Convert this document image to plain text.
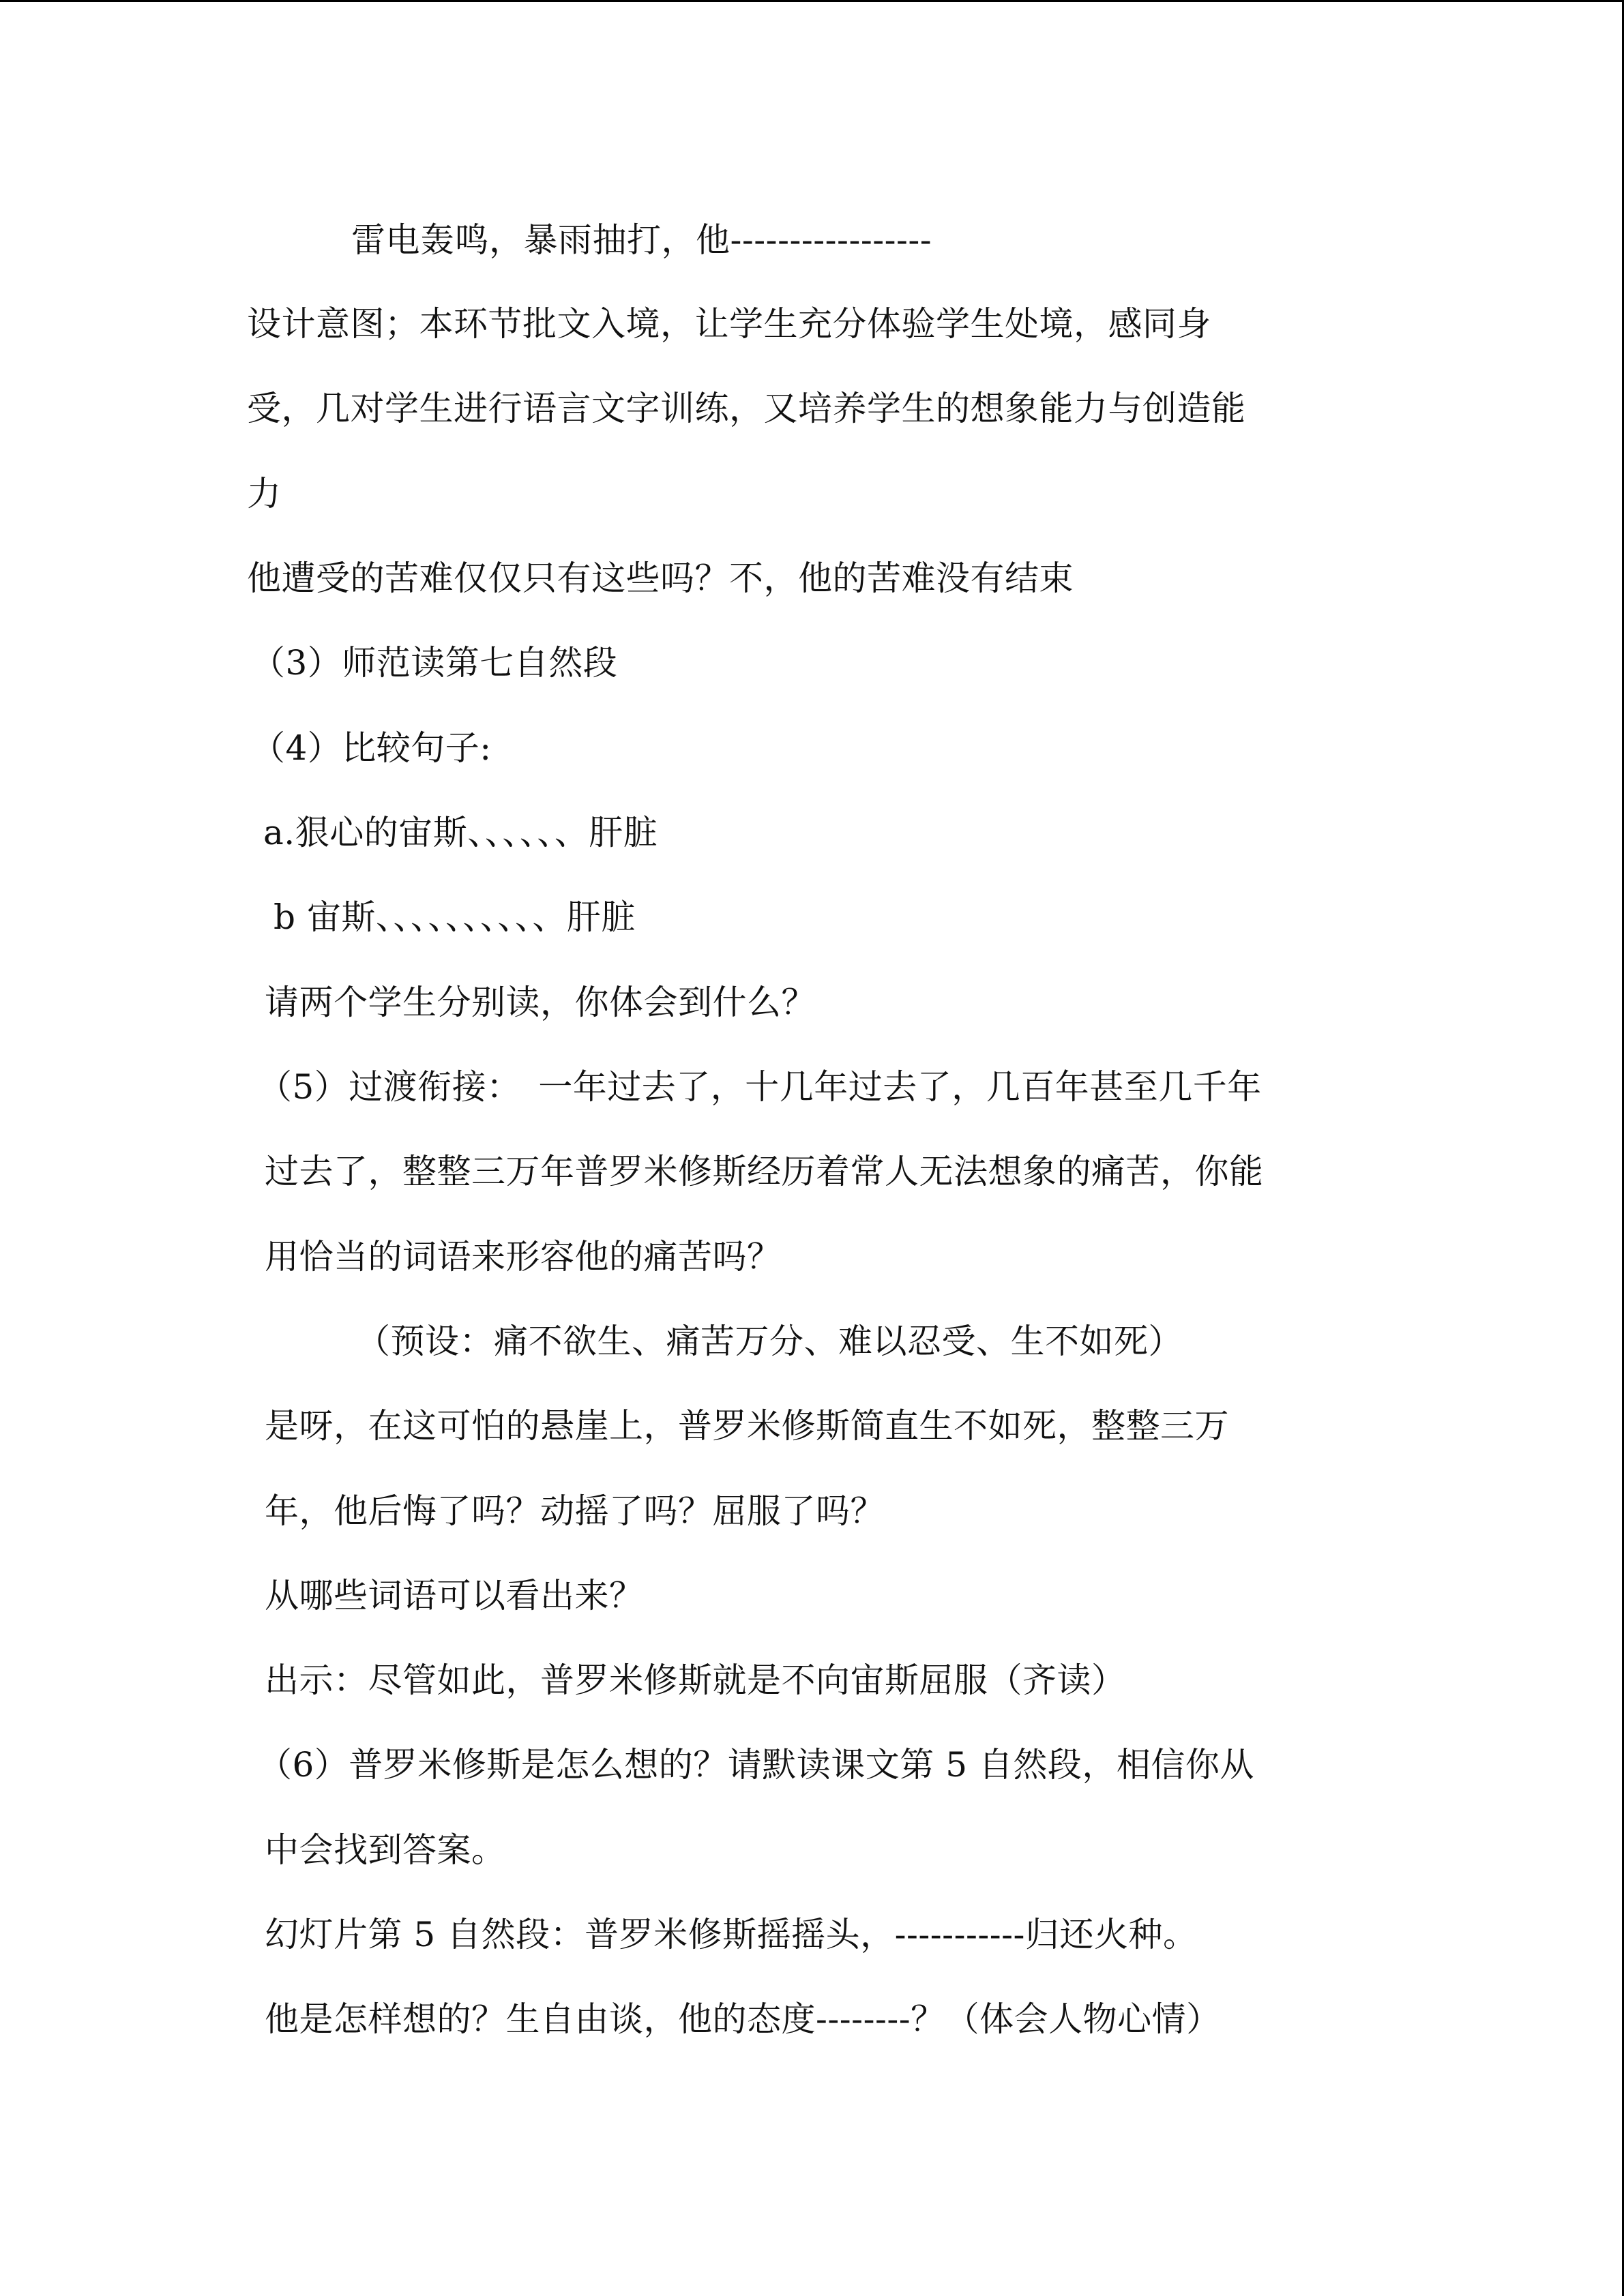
雷电轰鸣，暴雨抽打，他-----------------
设计意图；本环节批文入境，让学生充分体验学生处境，感同身
受，几对学生进行语言文字训练，又培养学生的想象能力与创造能
力
他遭受的苦难仅仅只有这些吗？不，他的苦难没有结束
（3）师范读第七自然段
（4）比较句子:
a.狠心的宙斯、、、、、、肝脏
b 宙斯、、、、、、、、、、肝脏
请两个学生分别读，你体会到什么？
（5）过渡衔接：　一年过去了，十几年过去了，几百年甚至几千年
过去了，整整三万年普罗米修斯经历着常人无法想象的痛苦，你能
用恰当的词语来形容他的痛苦吗？
（预设：痛不欲生、痛苦万分、难以忍受、生不如死）
是呀，在这可怕的悬崖上，普罗米修斯简直生不如死，整整三万
年，他后悔了吗？动摇了吗？屈服了吗？
从哪些词语可以看出来？
出示：尽管如此，普罗米修斯就是不向宙斯屈服（齐读）
（6）普罗米修斯是怎么想的？请默读课文第 5 自然段，相信你从
中会找到答案。
幻灯片第 5 自然段：普罗米修斯摇摇头，-----------归还火种。
他是怎样想的？生自由谈，他的态度--------？（体会人物心情）
